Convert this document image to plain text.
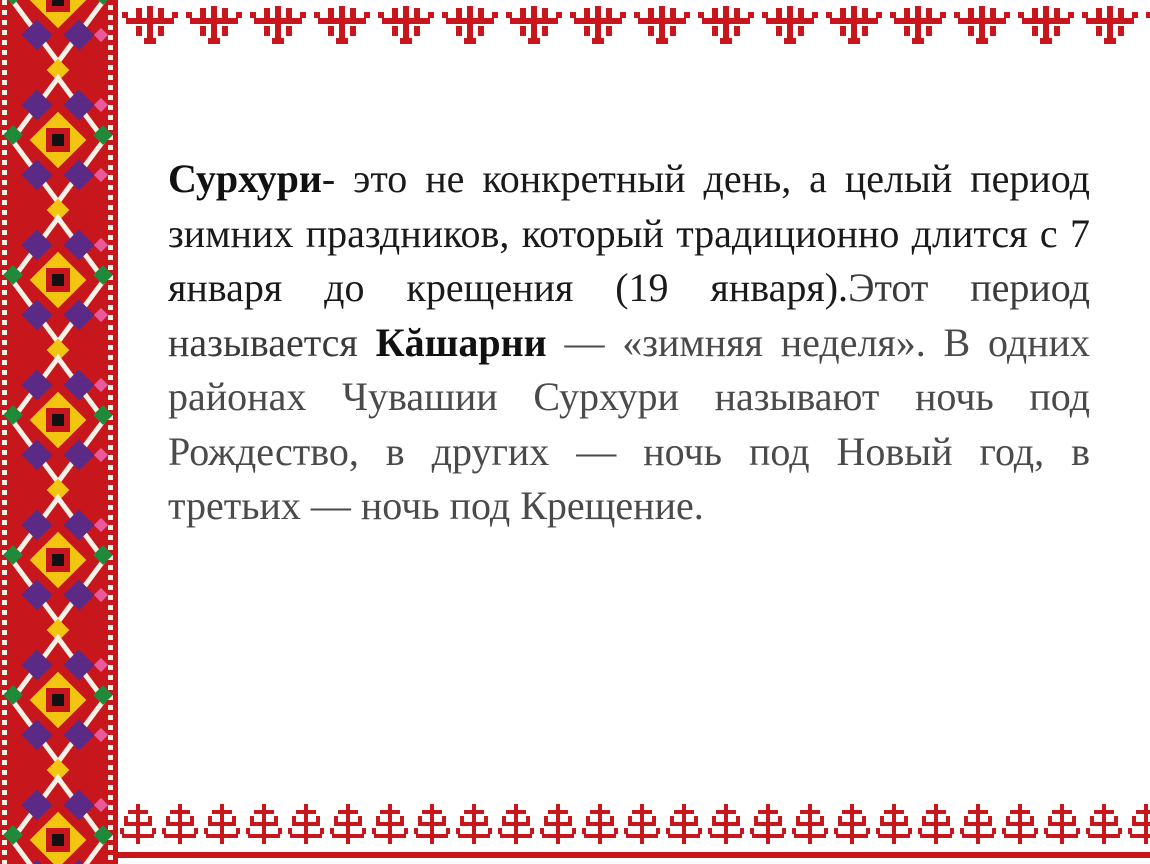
Сурхури- это не конкретный день, а целый период зимних праздников, который традиционно длится с 7 января до крещения (19 января).Этот период называется Кăшарни — «зимняя неделя». В одних районах Чувашии Сурхури называют ночь под Рождество, в других — ночь под Новый год, в третьих — ночь под Крещение.
